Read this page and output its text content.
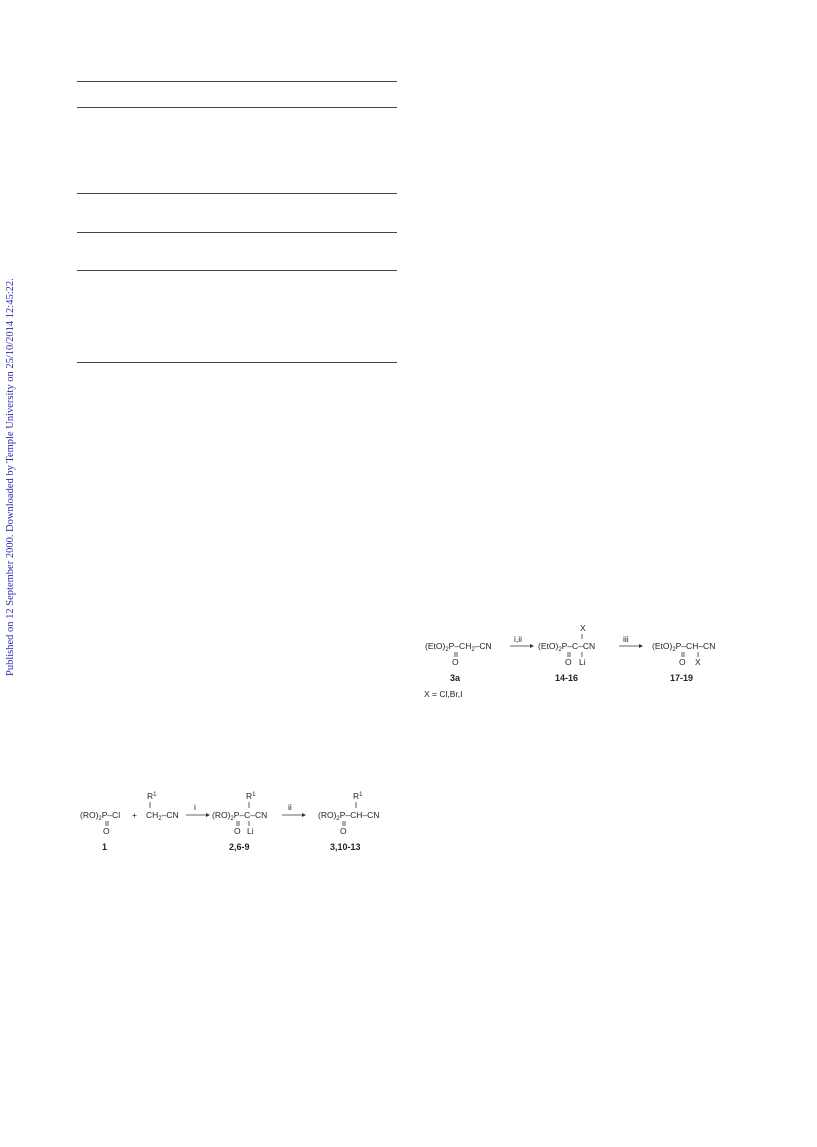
Published on 12 September 2000. Downloaded by Temple University on 25/10/2014 12:45:22.	$(EtO)_2P-CH_2-CN$
O
i,ii
X
$(EtO)_2P-C-CN$
O Li
iii
$(EtO)_2P-CH-CN$
O X
3a	14-16	17-19
X = Cl,Br,I
$(RO)_2P-Cl$
O
+
$R^1$
$CH_2-CN$
i
$R^1$
$(RO)_2P-C-CN$
O Li
ii
$R^1$
$(RO)_2P-CH-CN$
O
1	2,6-9	3,10-13
